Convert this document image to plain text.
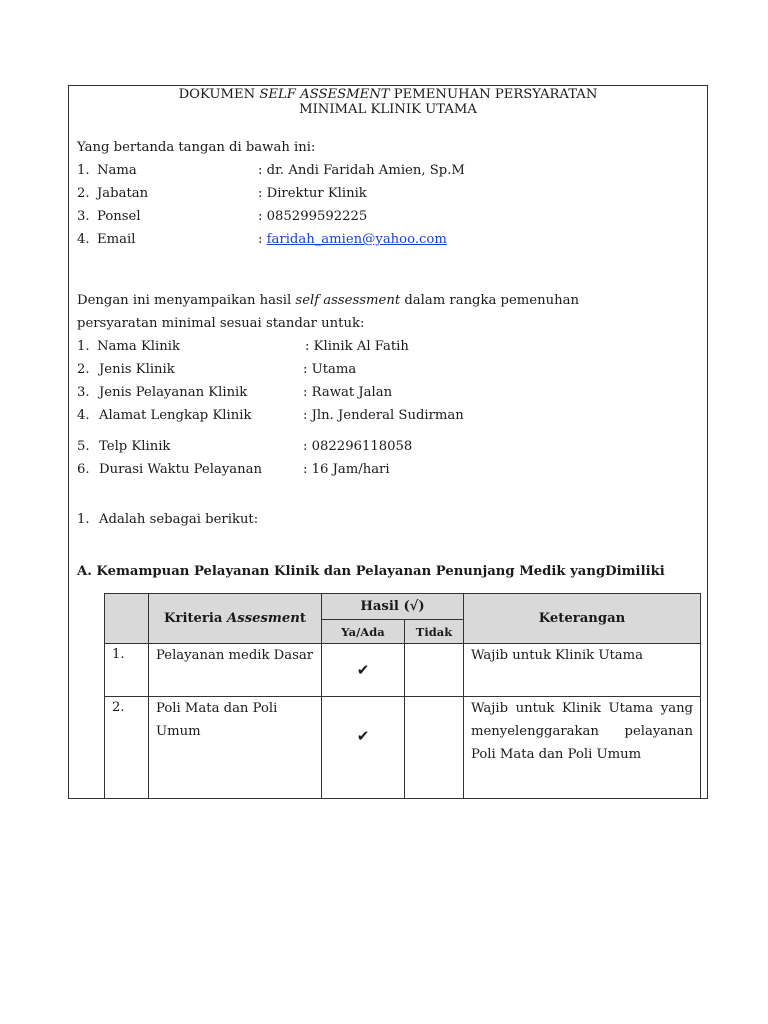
DOKUMEN SELF ASSESMENT PEMENUHAN PERSYARATAN
MINIMAL KLINIK UTAMA
Yang bertanda tangan di bawah ini:
1. Nama	: dr. Andi Faridah Amien, Sp.M
2. Jabatan	: Direktur Klinik
3. Ponsel	: 085299592225
4. Email	: faridah_amien@yahoo.com
Dengan ini menyampaikan hasil self assessment dalam rangka pemenuhan
persyaratan minimal sesuai standar untuk:
1. Nama Klinik	: Klinik Al Fatih
2. Jenis Klinik	: Utama
3. Jenis Pelayanan Klinik	: Rawat Jalan
4. Alamat Lengkap Klinik	: Jln. Jenderal Sudirman
5. Telp Klinik	: 082296118058
6. Durasi Waktu Pelayanan	: 16 Jam/hari
1. Adalah sebagai berikut:
A. Kemampuan Pelayanan Klinik dan Pelayanan Penunjang Medik yangDimiliki
	Kriteria Assesment	Hasil (√)		Keterangan
		Ya/Ada	Tidak	
1.	Pelayanan medik Dasar	✔		Wajib untuk Klinik Utama
2.	Poli Mata dan Poli Umum	✔		Wajib untuk Klinik Utama yang menyelenggarakan pelayanan Poli Mata dan Poli Umum
